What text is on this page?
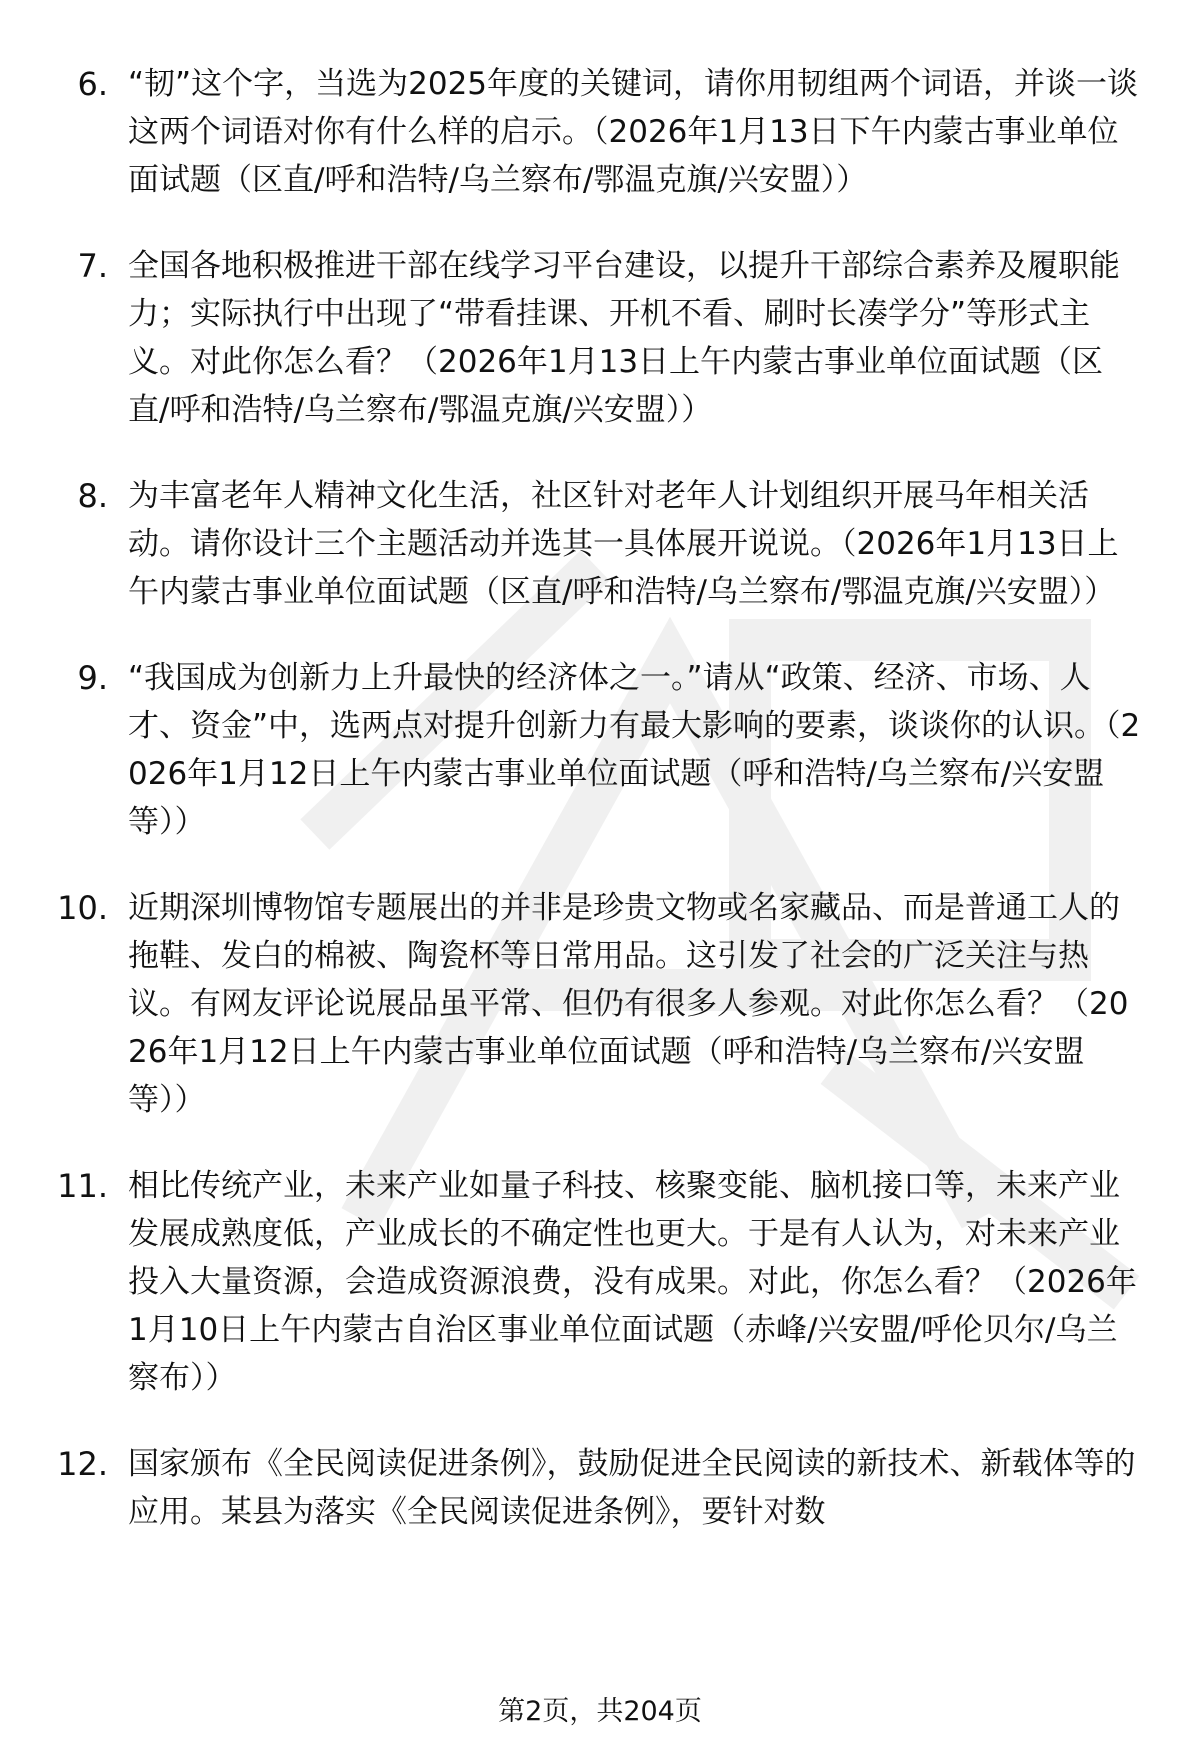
6. “韧”这个字，当选为2025年度的关键词，请你用韧组两个词语，并谈一谈这两个词语对你有什么样的启示。（2026年1月13日下午内蒙古事业单位面试题（区直/呼和浩特/乌兰察布/鄂温克旗/兴安盟））
7. 全国各地积极推进干部在线学习平台建设，以提升干部综合素养及履职能力；实际执行中出现了“带看挂课、开机不看、刷时长凑学分”等形式主义。对此你怎么看？（2026年1月13日上午内蒙古事业单位面试题（区直/呼和浩特/乌兰察布/鄂温克旗/兴安盟））
8. 为丰富老年人精神文化生活，社区针对老年人计划组织开展马年相关活动。请你设计三个主题活动并选其一具体展开说说。（2026年1月13日上午内蒙古事业单位面试题（区直/呼和浩特/乌兰察布/鄂温克旗/兴安盟））
9. “我国成为创新力上升最快的经济体之一。”请从“政策、经济、市场、人才、资金”中，选两点对提升创新力有最大影响的要素，谈谈你的认识。（2026年1月12日上午内蒙古事业单位面试题（呼和浩特/乌兰察布/兴安盟等））
10. 近期深圳博物馆专题展出的并非是珍贵文物或名家藏品、而是普通工人的拖鞋、发白的棉被、陶瓷杯等日常用品。这引发了社会的广泛关注与热议。有网友评论说展品虽平常、但仍有很多人参观。对此你怎么看？（2026年1月12日上午内蒙古事业单位面试题（呼和浩特/乌兰察布/兴安盟等））
11. 相比传统产业，未来产业如量子科技、核聚变能、脑机接口等，未来产业发展成熟度低，产业成长的不确定性也更大。于是有人认为，对未来产业投入大量资源，会造成资源浪费，没有成果。对此，你怎么看？（2026年1月10日上午内蒙古自治区事业单位面试题（赤峰/兴安盟/呼伦贝尔/乌兰察布））
12. 国家颁布《全民阅读促进条例》，鼓励促进全民阅读的新技术、新载体等的应用。某县为落实《全民阅读促进条例》，要针对数
第2页，共204页
